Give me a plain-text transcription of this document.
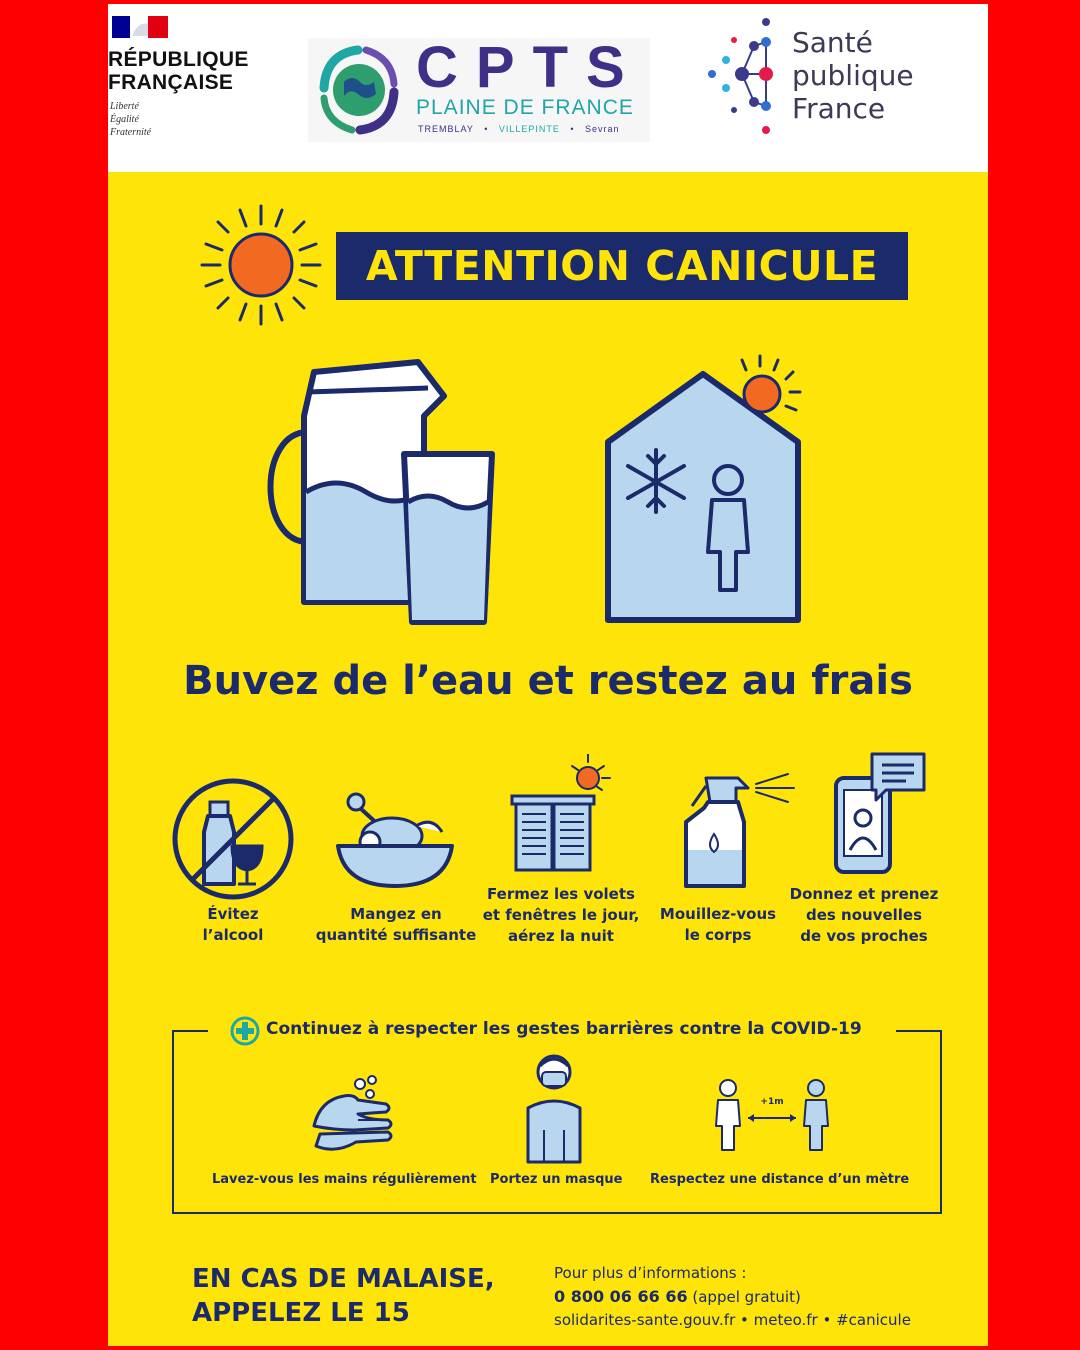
RÉPUBLIQUE
FRANÇAISE
Liberté
Égalité
Fraternité
CPTS
PLAINE DE FRANCE
TREMBLAY   •   VILLEPINTE   •   Sevran
Santé
publique
France
ATTENTION CANICULE
Buvez de l’eau et restez au frais
Évitez
l’alcool
Mangez en
quantité suffisante
Fermez les volets
et fenêtres le jour,
aérez la nuit
Mouillez-vous
le corps
Donnez et prenez
des nouvelles
de vos proches
Continuez à respecter les gestes barrières contre la COVID-19
Lavez-vous les mains régulièrement Portez un masque
+1m
Respectez une distance d’un mètre
EN CAS DE MALAISE,
APPELEZ LE 15
Pour plus d’informations :
0 800 06 66 66 (appel gratuit)
solidarites-sante.gouv.fr • meteo.fr • #canicule
